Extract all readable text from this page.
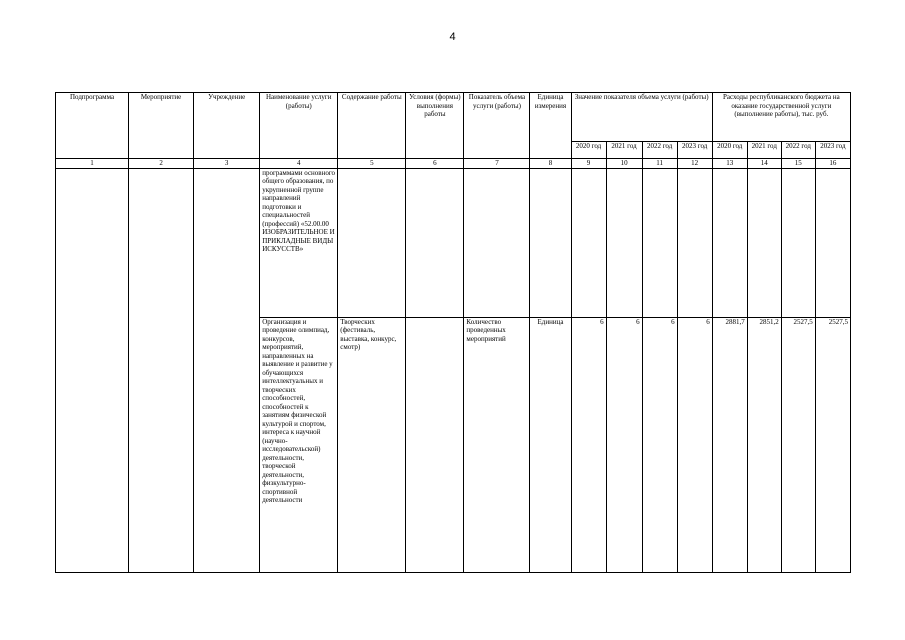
4
Подпрограмма	Мероприятие	Учреждение	Наименование услуги (работы)	Содержание работы	Условия (формы) выполнения работы	Показатель объема услуги (работы)	Единица измерения	Значение показателя объема услуги (работы)				Расходы республиканского бюджета на оказание государственной услуги (выполнение работы), тыс. руб.			
								2020 год	2021 год	2022 год	2023 год	2020 год	2021 год	2022 год	2023 год
1	2	3	4	5	6	7	8	9	10	11	12	13	14	15	16
			программами основного общего образования, по укрупненной группе направлений подготовки и специальностей (профессий) «52.00.00 ИЗОБРАЗИТЕЛЬНОЕ И ПРИКЛАДНЫЕ ВИДЫ ИСКУССТВ»												
			Организация и проведение олимпиад, конкурсов, мероприятий, направленных на выявление и развитие у обучающихся интеллектуальных и творческих способностей, способностей к занятиям физической культурой и спортом, интереса к научной (научно-исследовательской) деятельности, творческой деятельности, физкультурно-спортивной деятельности	Творческих (фестиваль, выставка, конкурс, смотр)		Количество проведенных мероприятий	Единица	6	6	6	6	2881,7	2851,2	2527,5	2527,5
